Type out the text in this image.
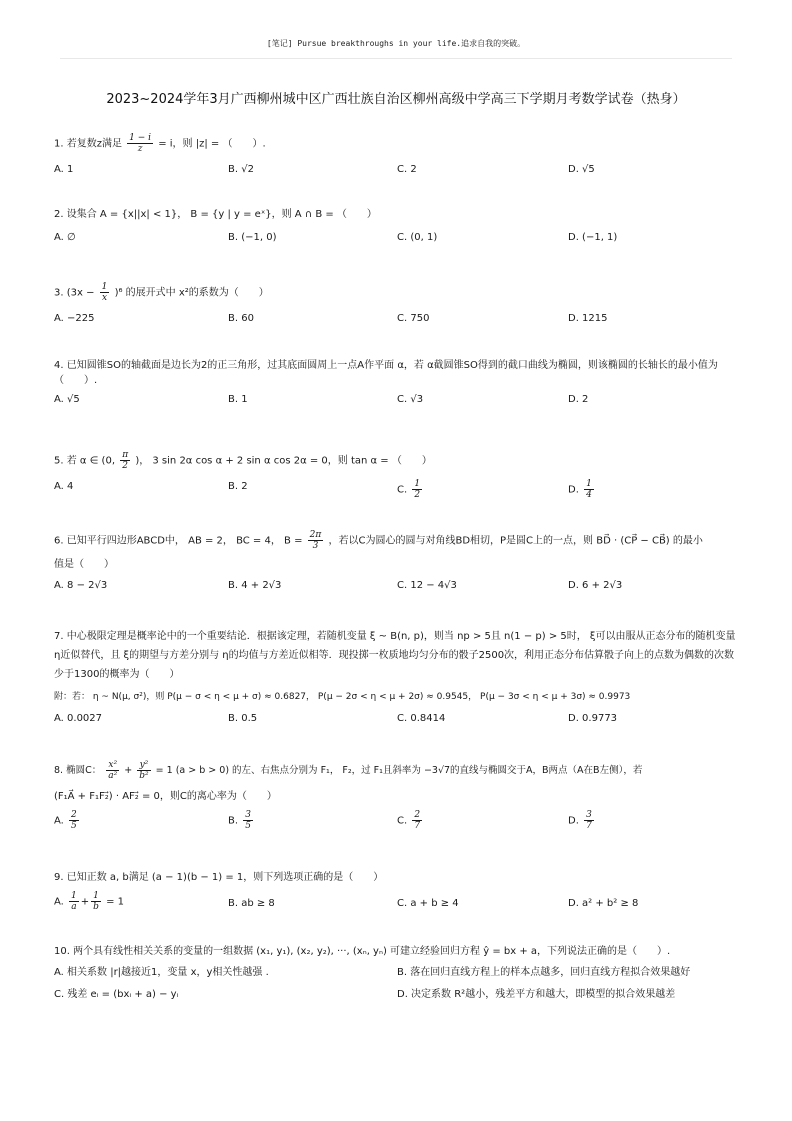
[笔记] Pursue breakthroughs in your life.追求自我的突破。
2023~2024学年3月广西柳州城中区广西壮族自治区柳州高级中学高三下学期月考数学试卷（热身）
1. 若复数z满足 $\frac{1 - i}{z} = i$，则 |z| = （　　）.
A. 1	B. √2	C. 2	D. √5
2. 设集合 A = {x||x| < 1}， B = {y | y = eˣ}，则 A ∩ B = （　　）
A. ∅	B. (−1, 0)	C. (0, 1)	D. (−1, 1)
3. $(3x - \frac{1}{x} )^6$ 的展开式中 x²的系数为（　　）
A. −225	B. 60	C. 750	D. 1215
4. 已知圆锥SO的轴截面是边长为2的正三角形，过其底面圆周上一点A作平面 α，若 α截圆锥SO得到的截口曲线为椭圆，则该椭圆的长轴长的最小值为（　　）.
A. √5	B. 1	C. √3	D. 2
5. 若 α ∈ (0, $\frac{\pi}{2}$ )， 3 sin 2α cos α + 2 sin α cos 2α = 0，则 tan α = （　　）
A. 4	B. 2	C. $\frac{1}{2}$	D. $\frac{1}{4}$
6. 已知平行四边形ABCD中， AB = 2， BC = 4， $B = \frac{2\pi}{3}$ ，若以C为圆心的圆与对角线BD相切，P是圆C上的一点，则 BD⃗ · (CP⃗ − CB⃗) 的最小
值是（　　）
A. 8 − 2√3	B. 4 + 2√3	C. 12 − 4√3	D. 6 + 2√3
7. 中心极限定理是概率论中的一个重要结论．根据该定理，若随机变量 ξ ~ B(n, p)，则当 np > 5且 n(1 − p) > 5时， ξ可以由服从正态分布的随机变量 η近似替代，且 ξ的期望与方差分别与 η的均值与方差近似相等．现投掷一枚质地均匀分布的骰子2500次，利用正态分布估算骰子向上的点数为偶数的次数少于1300的概率为（　　）
附：若： η ~ N(μ, σ²)，则 P(μ − σ < η < μ + σ) ≈ 0.6827， P(μ − 2σ < η < μ + 2σ) ≈ 0.9545， P(μ − 3σ < η < μ + 3σ) ≈ 0.9973
A. 0.0027	B. 0.5	C. 0.8414	D. 0.9773
8. 椭圆C： $\frac{\text{x²}}{\text{a²}} + \frac{\text{y²}}{\text{b²}} = 1$ (a > b > 0) 的左、右焦点分别为 F₁， F₂，过 F₁且斜率为 −3√7的直线与椭圆交于A，B两点（A在B左侧），若
(F₁A⃗ + F₁F₂⃗) · AF₂⃗ = 0，则C的离心率为（　　）
A. $\frac{2}{5}$	B. $\frac{3}{5}$	C. $\frac{2}{7}$	D. $\frac{3}{7}$
9. 已知正数 a, b满足 (a − 1)(b − 1) = 1，则下列选项正确的是（　　）
A. $\frac{1}{a} + \frac{1}{b} = 1$	B. ab ≥ 8	C. a + b ≥ 4	D. a² + b² ≥ 8
10. 两个具有线性相关关系的变量的一组数据 (x₁, y₁), (x₂, y₂), ···, (xₙ, yₙ) 可建立经验回归方程 ŷ = bx + a，下列说法正确的是（　　）.
A. 相关系数 |r|越接近1，变量 x，y相关性越强 .	B. 落在回归直线方程上的样本点越多，回归直线方程拟合效果越好
C. 残差 eᵢ = (bxᵢ + a) − yᵢ	D. 决定系数 R²越小，残差平方和越大，即模型的拟合效果越差
